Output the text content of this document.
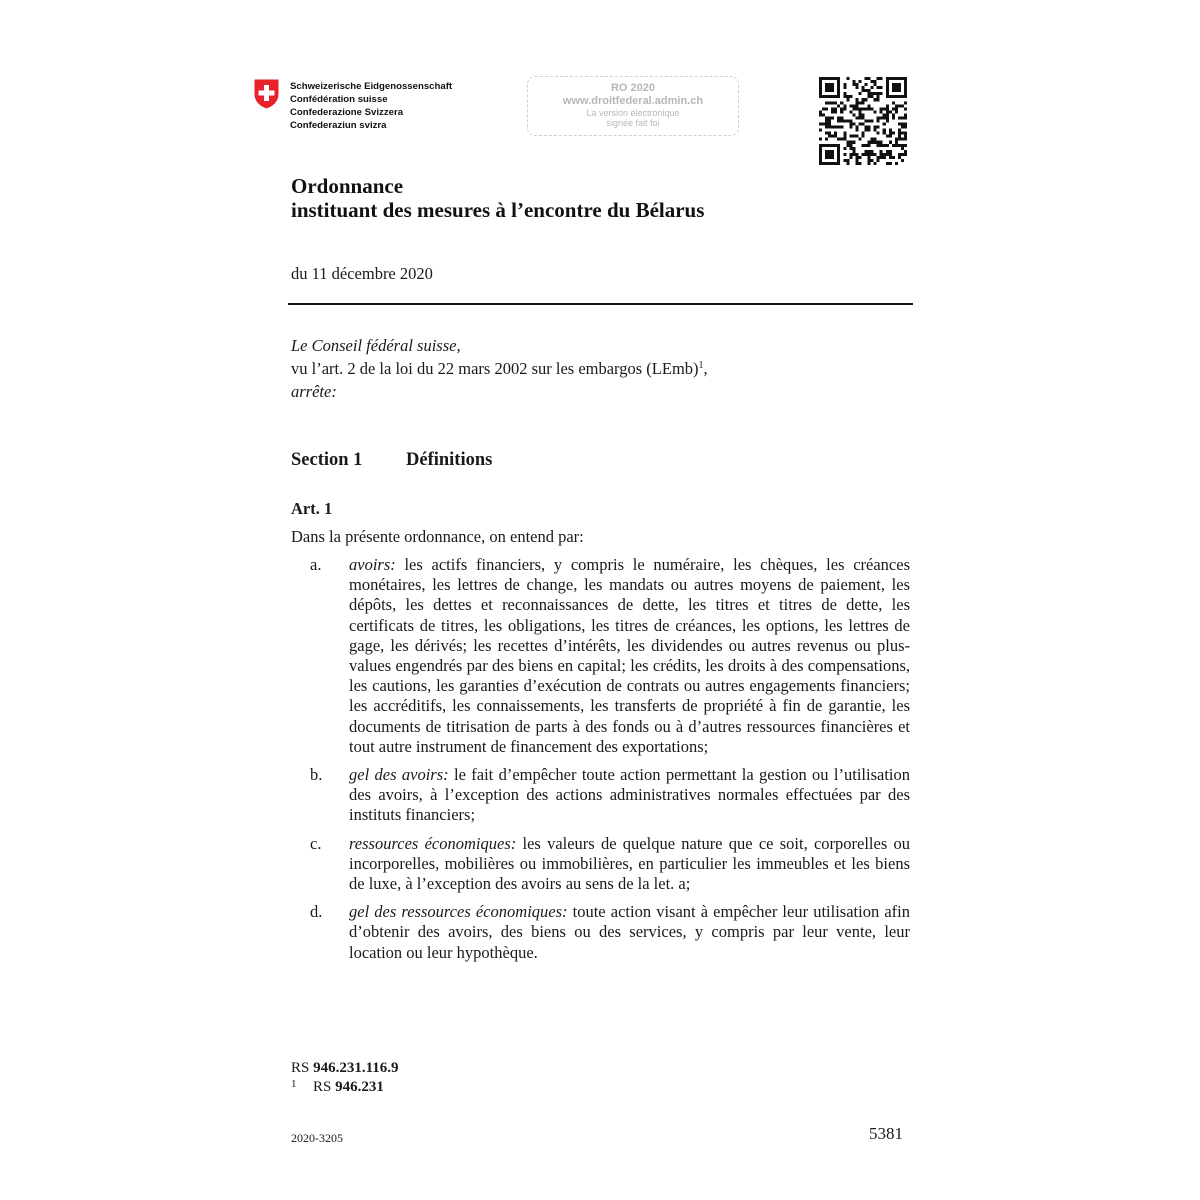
Schweizerische Eidgenossenschaft
Confédération suisse
Confederazione Svizzera
Confederaziun svizra
RO 2020
www.droitfederal.admin.ch
La version électronique
signée fait foi
Ordonnance
instituant des mesures à l’encontre du Bélarus
du 11 décembre 2020
Le Conseil fédéral suisse,
vu l’art. 2 de la loi du 22 mars 2002 sur les embargos (LEmb)$^1$,
arrête:
Section 1 Définitions
Art. 1
Dans la présente ordonnance, on entend par:
a. avoirs: les actifs financiers, y compris le numéraire, les chèques, les créances monétaires, les lettres de change, les mandats ou autres moyens de paiement, les dépôts, les dettes et reconnaissances de dette, les titres et titres de dette, les certificats de titres, les obligations, les titres de créances, les options, les lettres de gage, les dérivés; les recettes d’intérêts, les dividendes ou autres revenus ou plus-values engendrés par des biens en capital; les crédits, les droits à des compensations, les cautions, les garanties d’exécution de contrats ou autres engagements financiers; les accréditifs, les connaissements, les transferts de propriété à fin de garantie, les documents de titrisation de parts à des fonds ou à d’autres ressources financières et tout autre instrument de financement des exportations;
b. gel des avoirs: le fait d’empêcher toute action permettant la gestion ou l’utilisation des avoirs, à l’exception des actions administratives normales effectuées par des instituts financiers;
c. ressources économiques: les valeurs de quelque nature que ce soit, corporelles ou incorporelles, mobilières ou immobilières, en particulier les immeubles et les biens de luxe, à l’exception des avoirs au sens de la let. a;
d. gel des ressources économiques: toute action visant à empêcher leur utilisation afin d’obtenir des avoirs, des biens ou des services, y compris par leur vente, leur location ou leur hypothèque.
RS 946.231.116.9
1 RS 946.231
2020-3205	5381
